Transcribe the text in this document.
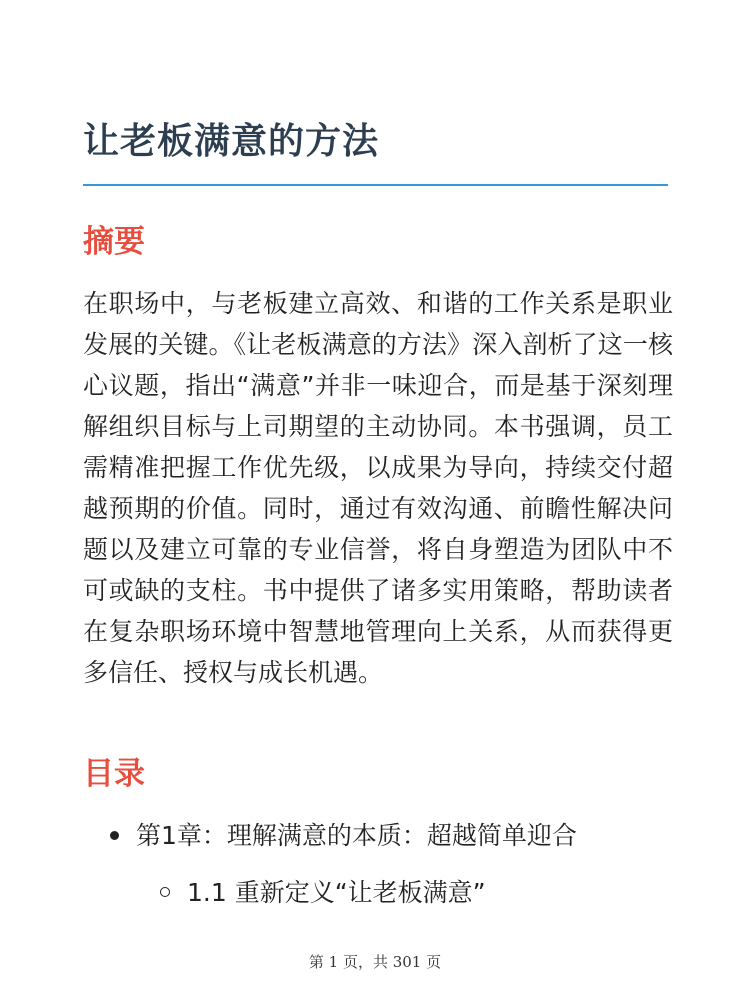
让老板满意的方法
摘要

在职场中，与老板建立高效、和谐的工作关系是职业发展的关键。《让老板满意的方法》深入剖析了这一核心议题，指出“满意”并非一味迎合，而是基于深刻理解组织目标与上司期望的主动协同。本书强调，员工需精准把握工作优先级，以成果为导向，持续交付超越预期的价值。同时，通过有效沟通、前瞻性解决问题以及建立可靠的专业信誉，将自身塑造为团队中不可或缺的支柱。书中提供了诸多实用策略，帮助读者在复杂职场环境中智慧地管理向上关系，从而获得更多信任、授权与成长机遇。

目录
第1章：理解满意的本质：超越简单迎合
1.1 重新定义“让老板满意”
第 1 页，共 301 页
